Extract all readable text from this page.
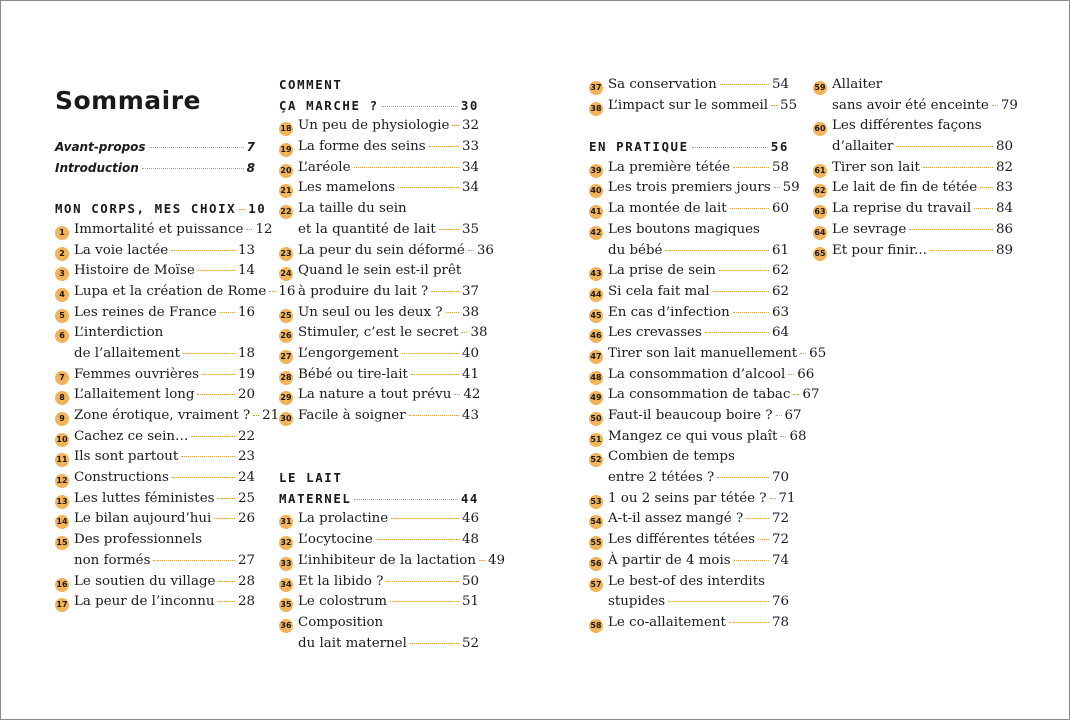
Sommaire
Avant-propos	7
Introduction	8
MON CORPS, MES CHOIX 10
1 Immortalité et puissance 12
2 La voie lactée	13
3 Histoire de Moïse	14
4 Lupa et la création de Rome 16
5 Les reines de France 16
6 L’interdiction
de l’allaitement	18
7 Femmes ouvrières	19
8 L’allaitement long	20
9 Zone érotique, vraiment ? 21
10 Cachez ce sein…	22
11 Ils sont partout	23
12 Constructions	24
13 Les luttes féministes 25
14 Le bilan aujourd’hui 26
15 Des professionnels
non formés	27
16 Le soutien du village 28
17 La peur de l’inconnu 28
COMMENT
ÇA MARCHE ?	30
18 Un peu de physiologie 32
19 La forme des seins	33
20 L’aréole	34
21 Les mamelons	34
22 La taille du sein
et la quantité de lait 35
23 La peur du sein déformé 36
24 Quand le sein est-il prêt
à produire du lait ?	37
25 Un seul ou les deux ? 38
26 Stimuler, c’est le secret 38
27 L’engorgement	40
28 Bébé ou tire-lait	41
29 La nature a tout prévu 42
30 Facile à soigner	43
LE LAIT
MATERNEL	44
31 La prolactine	46
32 L’ocytocine	48
33 L’inhibiteur de la lactation 49
34 Et la libido ?	50
35 Le colostrum	51
36 Composition
du lait maternel	52
37 Sa conservation	54
38 L’impact sur le sommeil 55
EN PRATIQUE	56
39 La première tétée	58
40 Les trois premiers jours 59
41 La montée de lait	60
42 Les boutons magiques
du bébé	61
43 La prise de sein	62
44 Si cela fait mal	62
45 En cas d’infection	63
46 Les crevasses	64
47 Tirer son lait manuellement 65
48 La consommation d’alcool 66
49 La consommation de tabac 67
50 Faut-il beaucoup boire ? 67
51 Mangez ce qui vous plaît 68
52 Combien de temps
entre 2 tétées ?	70
53 1 ou 2 seins par tétée ? 71
54 A-t-il assez mangé ? 72
55 Les différentes tétées 72
56 À partir de 4 mois	74
57 Le best-of des interdits
stupides	76
58 Le co-allaitement	78
59 Allaiter
sans avoir été enceinte 79
60 Les différentes façons
d’allaiter	80
61 Tirer son lait	82
62 Le lait de fin de tétée 83
63 La reprise du travail 84
64 Le sevrage	86
65 Et pour finir...	89
